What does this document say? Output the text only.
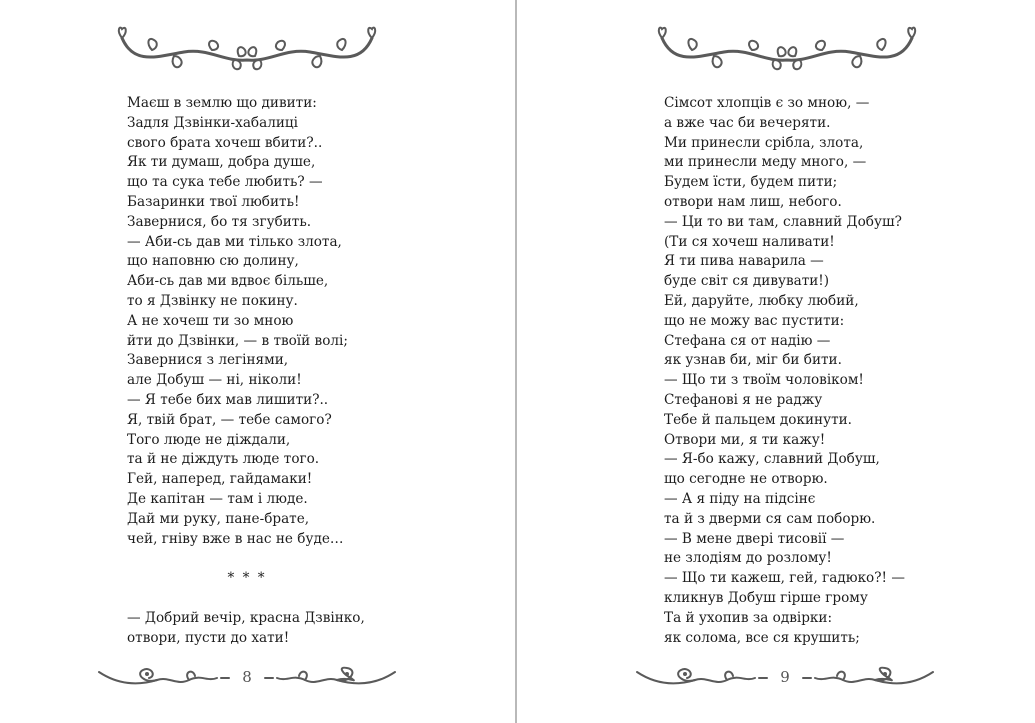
Маєш в землю що дивити:
Задля Дзвінки-хабалиці
свого брата хочеш вбити?..
Як ти думаш, добра душе,
що та сука тебе любить? —
Базаринки твої любить!
Завернися, бо тя згубить.
— Аби-сь дав ми тілько злота,
що наповню сю долину,
Аби-сь дав ми вдвоє більше,
то я Дзвінку не покину.
А не хочеш ти зо мною
йти до Дзвінки, — в твоїй волі;
Завернися з легінями,
але Добуш — ні, ніколи!
— Я тебе бих мав лишити?..
Я, твій брат, — тебе самого?
Того люде не діждали,
та й не діждуть люде того.
Гей, наперед, гайдамаки!
Де капітан — там і люде.
Дай ми руку, пане-брате,
чей, гніву вже в нас не буде…
* * *
— Добрий вечір, красна Дзвінко,
отвори, пусти до хати!
8
Сімсот хлопців є зо мною, —
а вже час би вечеряти.
Ми принесли срібла, злота,
ми принесли меду много, —
Будем їсти, будем пити;
отвори нам лиш, небого.
— Ци то ви там, славний Добуш?
(Ти ся хочеш наливати!
Я ти пива наварила —
буде світ ся дивувати!)
Ей, даруйте, любку любий,
що не можу вас пустити:
Стефана ся от надію —
як узнав би, міг би бити.
— Що ти з твоїм чоловіком!
Стефанові я не раджу
Тебе й пальцем докинути.
Отвори ми, я ти кажу!
— Я-бо кажу, славний Добуш,
що сегодне не отворю.
— А я піду на підсінє
та й з дверми ся сам поборю.
— В мене двері тисовії —
не злодіям до розлому!
— Що ти кажеш, гей, гадюко?! —
кликнув Добуш гірше грому
Та й ухопив за одвірки:
як солома, все ся крушить;
9
